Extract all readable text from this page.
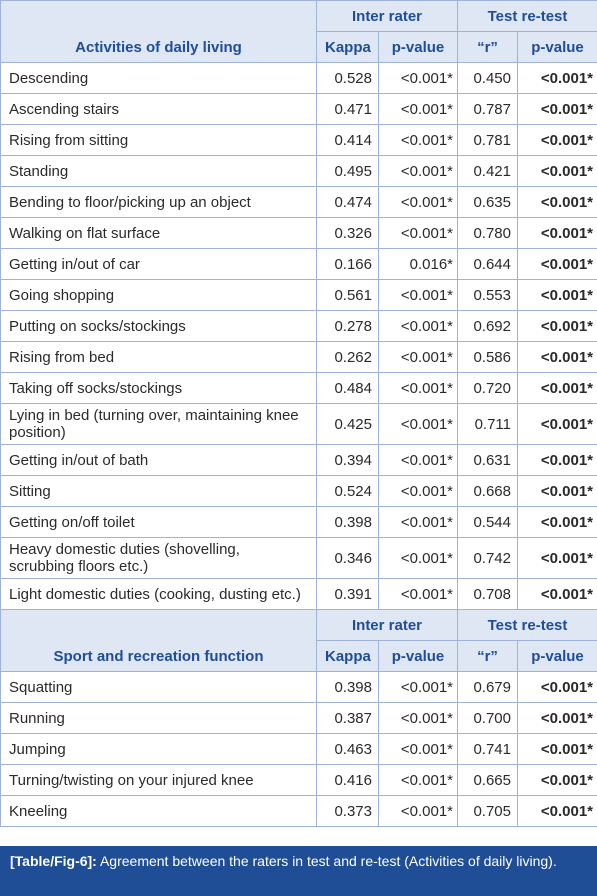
Activities of daily living	Inter rater		Test re-test	
	Kappa	p-value	“r”	p-value

Descending	0.528	<0.001*	0.450	<0.001*

Ascending stairs	0.471	<0.001*	0.787	<0.001*

Rising from sitting	0.414	<0.001*	0.781	<0.001*

Standing	0.495	<0.001*	0.421	<0.001*

Bending to floor/picking up an object	0.474	<0.001*	0.635	<0.001*

Walking on flat surface	0.326	<0.001*	0.780	<0.001*

Getting in/out of car	0.166	0.016*	0.644	<0.001*

Going shopping	0.561	<0.001*	0.553	<0.001*

Putting on socks/stockings	0.278	<0.001*	0.692	<0.001*

Rising from bed	0.262	<0.001*	0.586	<0.001*

Taking off socks/stockings	0.484	<0.001*	0.720	<0.001*

Lying in bed (turning over, maintaining knee position)	0.425	<0.001*	0.711	<0.001*

Getting in/out of bath	0.394	<0.001*	0.631	<0.001*

Sitting	0.524	<0.001*	0.668	<0.001*

Getting on/off toilet	0.398	<0.001*	0.544	<0.001*

Heavy domestic duties (shovelling, scrubbing floors etc.)	0.346	<0.001*	0.742	<0.001*

Light domestic duties (cooking, dusting etc.)	0.391	<0.001*	0.708	<0.001*
Sport and recreation function	Inter rater		Test re-test	
	Kappa	p-value	“r”	p-value

Squatting	0.398	<0.001*	0.679	<0.001*

Running	0.387	<0.001*	0.700	<0.001*

Jumping	0.463	<0.001*	0.741	<0.001*

Turning/twisting on your injured knee	0.416	<0.001*	0.665	<0.001*

Kneeling	0.373	<0.001*	0.705	<0.001*
[Table/Fig-6]: Agreement between the raters in test and re-test (Activities of daily living).
